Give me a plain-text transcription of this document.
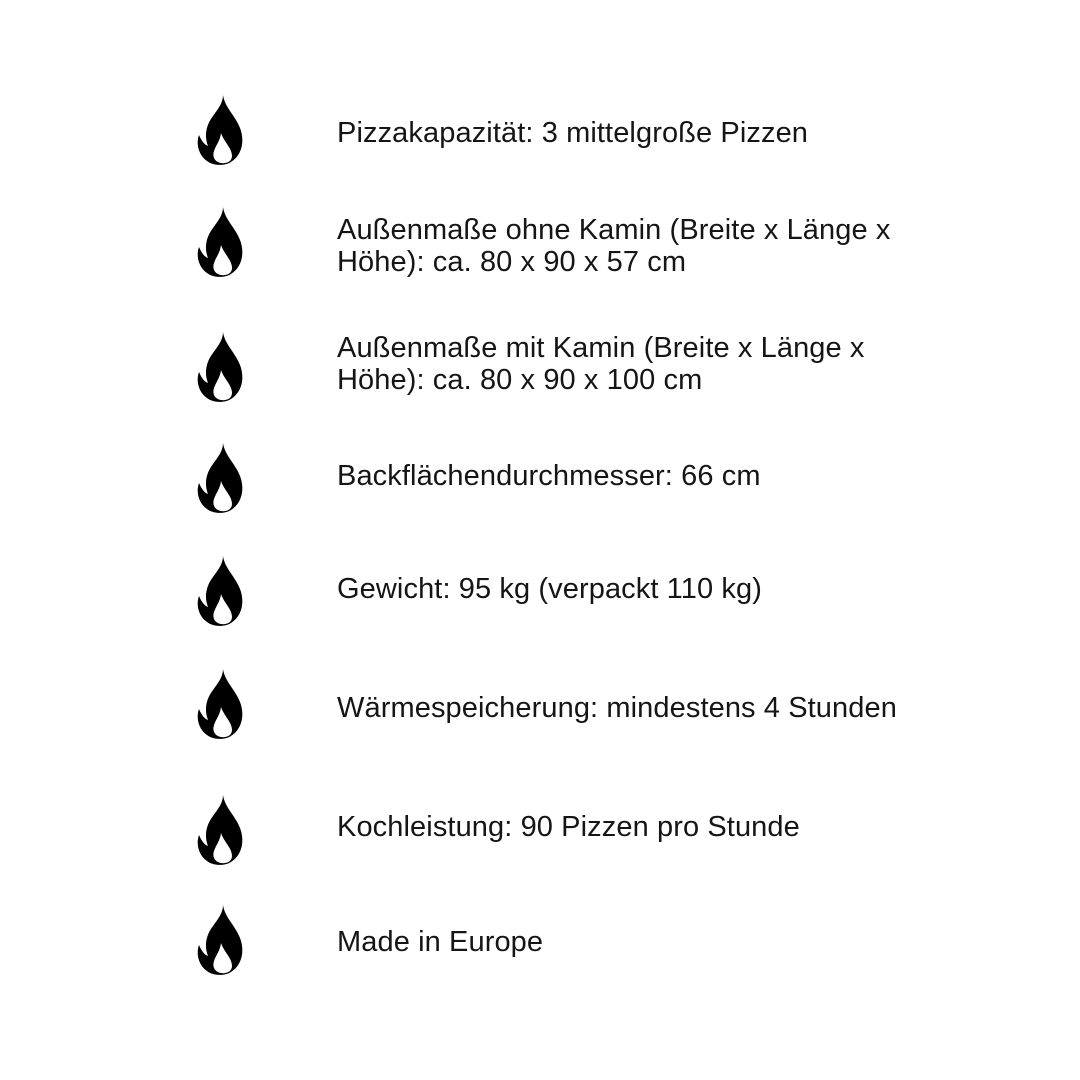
Pizzakapazität: 3 mittelgroße Pizzen
Außenmaße ohne Kamin (Breite x Länge x Höhe): ca. 80 x 90 x 57 cm
Außenmaße mit Kamin (Breite x Länge x Höhe): ca. 80 x 90 x 100 cm
Backflächendurchmesser: 66 cm
Gewicht: 95 kg (verpackt 110 kg)
Wärmespeicherung: mindestens 4 Stunden
Kochleistung: 90 Pizzen pro Stunde
Made in Europe
